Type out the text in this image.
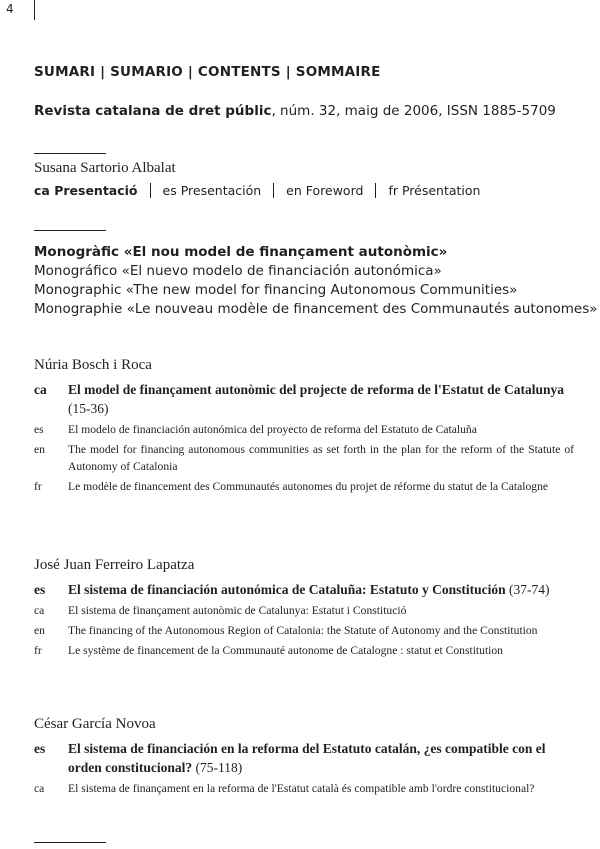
4
SUMARI | SUMARIO | CONTENTS | SOMMAIRE
Revista catalana de dret públic, núm. 32, maig de 2006, ISSN 1885-5709
Susana Sartorio Albalat
ca Presentació es Presentación en Foreword fr Présentation
Monogràfic «El nou model de finançament autonòmic»
Monográfico «El nuevo modelo de financiación autonómica»
Monographic «The new model for financing Autonomous Communities»
Monographie «Le nouveau modèle de financement des Communautés autonomes»
Núria Bosch i Roca
ca	El model de finançament autonòmic del projecte de reforma de l'Estatut de Catalunya (15-36)
es	El modelo de financiación autonómica del proyecto de reforma del Estatuto de Cataluña
en	The model for financing autonomous communities as set forth in the plan for the reform of the Statute of Autonomy of Catalonia
fr	Le modèle de financement des Communautés autonomes du projet de réforme du statut de la Catalogne
José Juan Ferreiro Lapatza
es	El sistema de financiación autonómica de Cataluña: Estatuto y Constitución (37-74)
ca	El sistema de finançament autonòmic de Catalunya: Estatut i Constitució
en	The financing of the Autonomous Region of Catalonia: the Statute of Autonomy and the Constitution
fr	Le système de financement de la Communauté autonome de Catalogne : statut et Constitution
César García Novoa
es	El sistema de financiación en la reforma del Estatuto catalán, ¿es compatible con el orden constitucional? (75-118)
ca	El sistema de finançament en la reforma de l'Estatut català és compatible amb l'ordre constitucional?
